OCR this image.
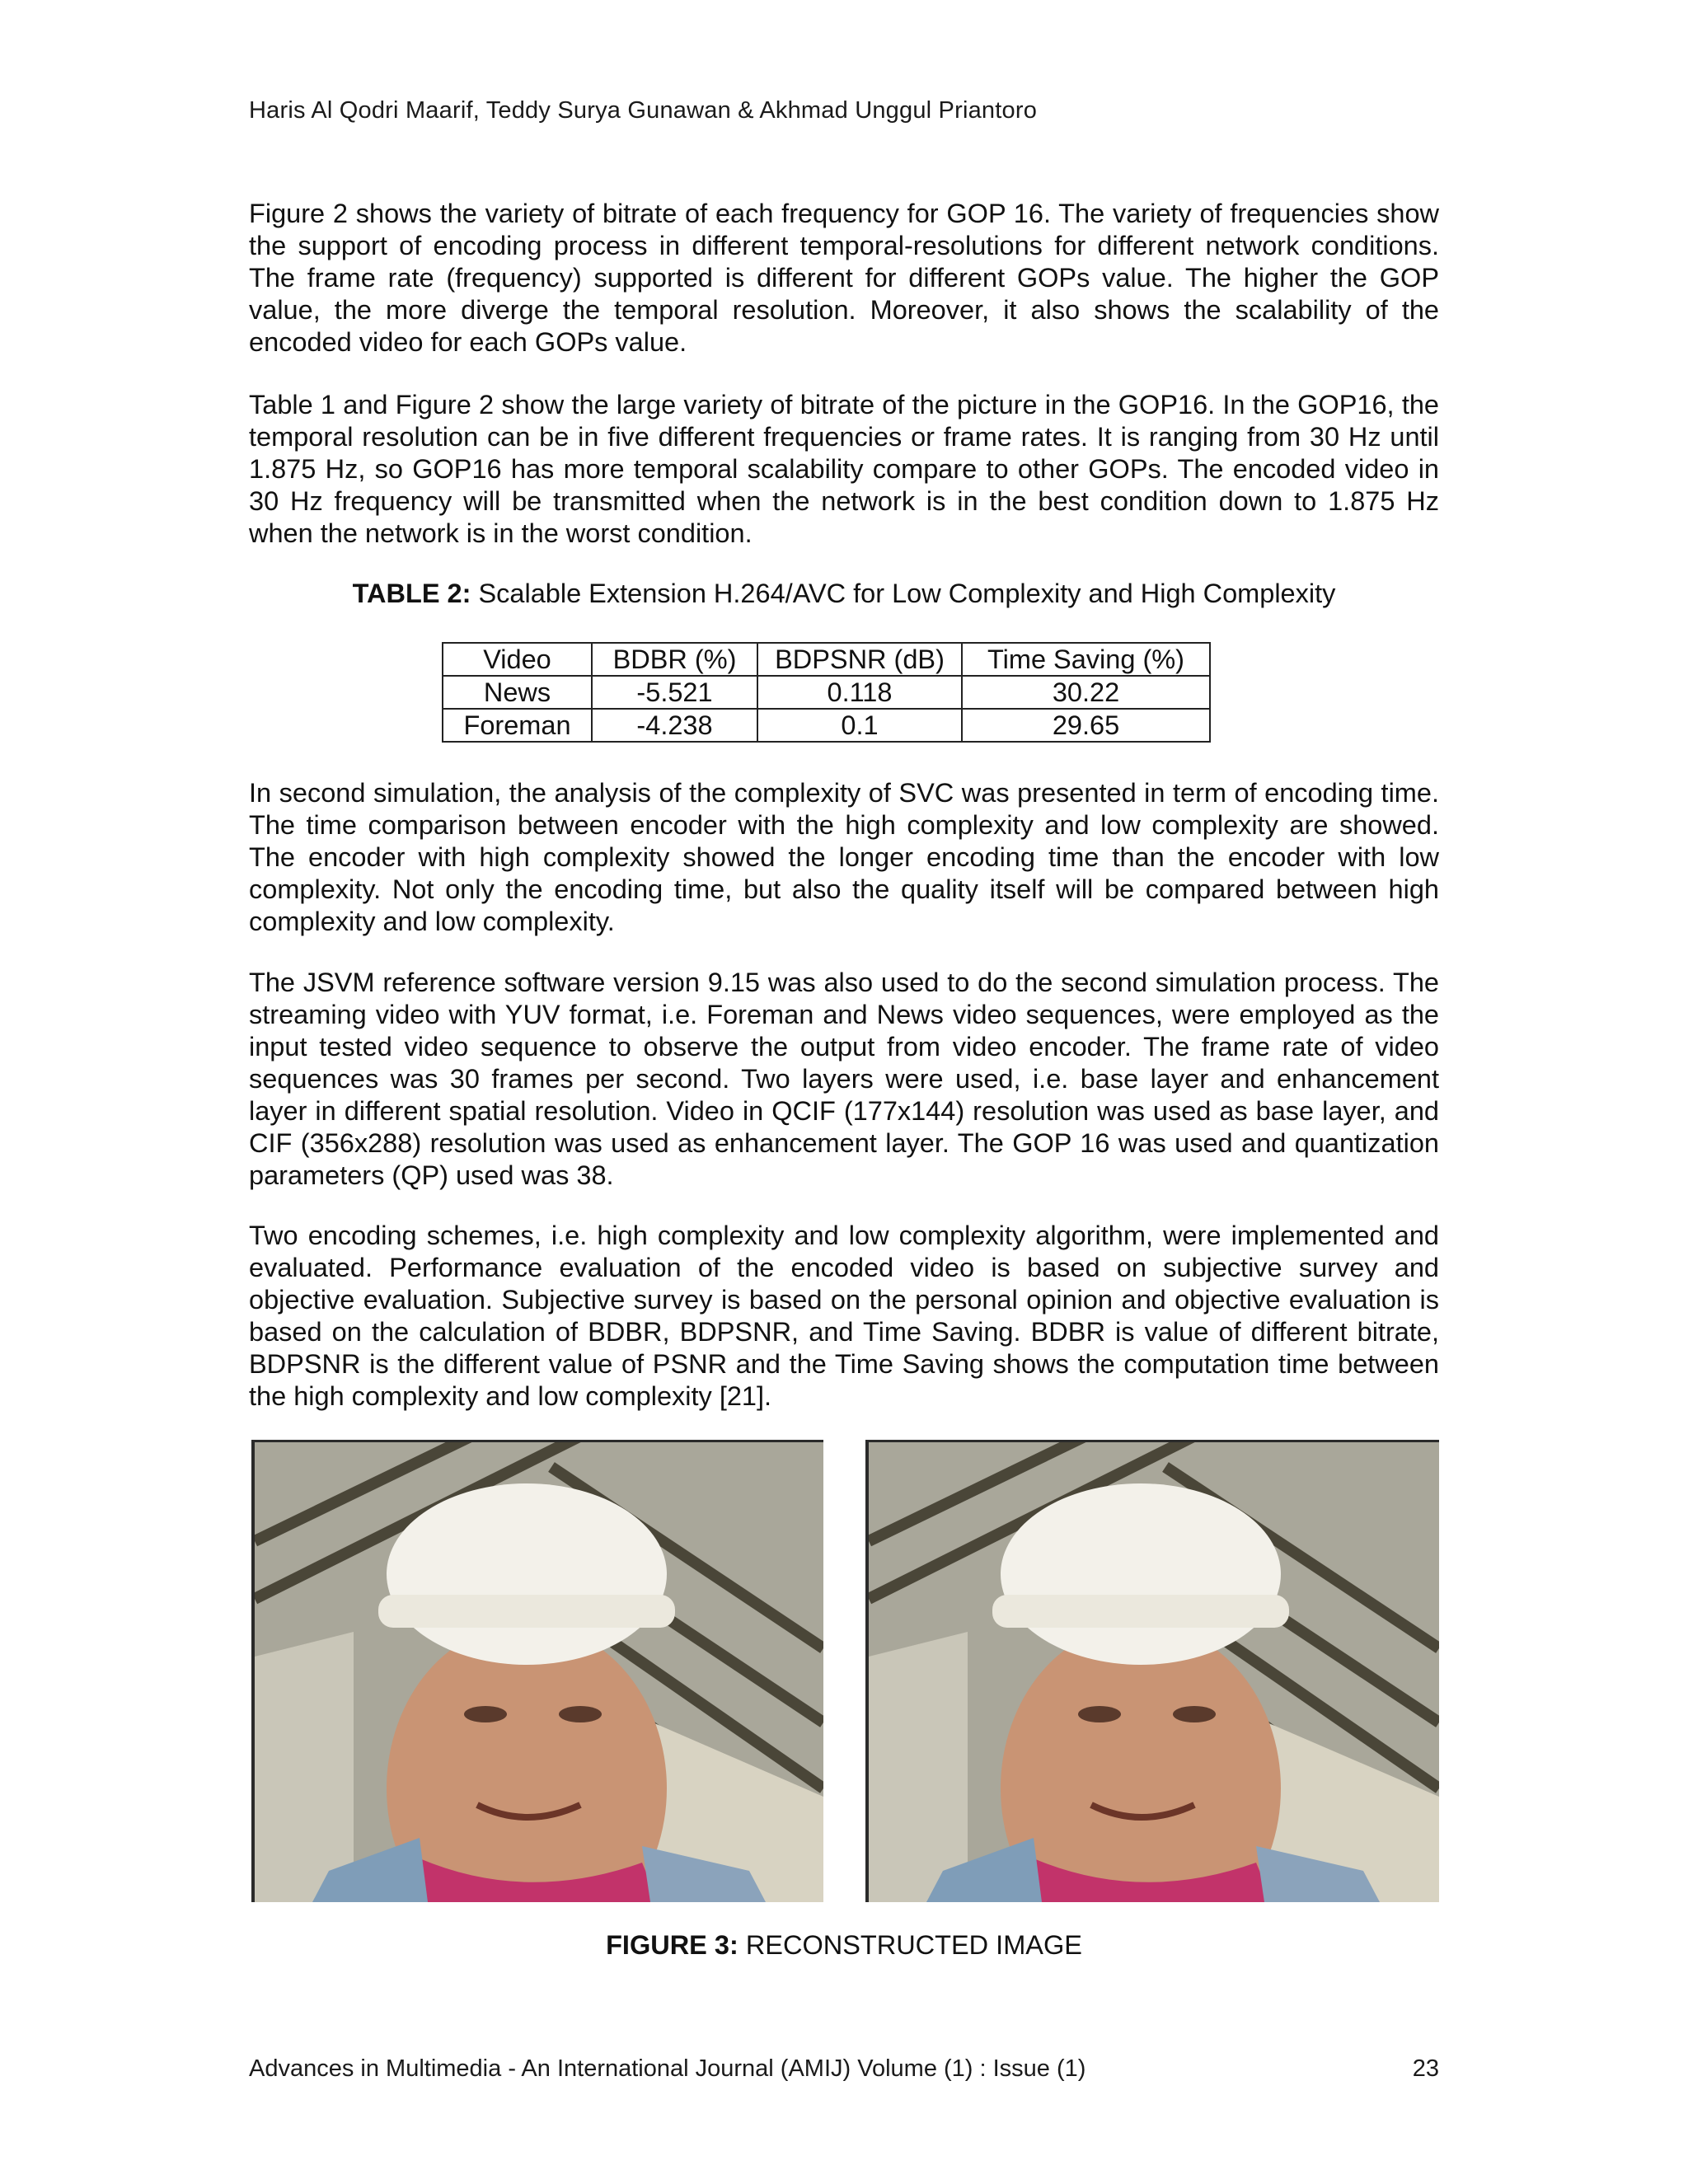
Haris Al Qodri Maarif, Teddy Surya Gunawan & Akhmad Unggul Priantoro

Figure 2 shows the variety of bitrate of each frequency for GOP 16. The variety of frequencies show the support of encoding process in different temporal-resolutions for different network conditions. The frame rate (frequency) supported is different for different GOPs value. The higher the GOP value, the more diverge the temporal resolution. Moreover, it also shows the scalability of the encoded video for each GOPs value.

Table 1 and Figure 2 show the large variety of bitrate of the picture in the GOP16. In the GOP16, the temporal resolution can be in five different frequencies or frame rates. It is ranging from 30 Hz until 1.875 Hz, so GOP16 has more temporal scalability compare to other GOPs. The encoded video in 30 Hz frequency will be transmitted when the network is in the best condition down to 1.875 Hz when the network is in the worst condition.

TABLE 2: Scalable Extension H.264/AVC for Low Complexity and High Complexity
Video	BDBR (%)	BDPSNR (dB)	Time Saving (%)
News	-5.521	0.118	30.22
Foreman	-4.238	0.1	29.65

In second simulation, the analysis of the complexity of SVC was presented in term of encoding time. The time comparison between encoder with the high complexity and low complexity are showed. The encoder with high complexity showed the longer encoding time than the encoder with low complexity. Not only the encoding time, but also the quality itself will be compared between high complexity and low complexity.

The JSVM reference software version 9.15 was also used to do the second simulation process. The streaming video with YUV format, i.e. Foreman and News video sequences, were employed as the input tested video sequence to observe the output from video encoder. The frame rate of video sequences was 30 frames per second. Two layers were used, i.e. base layer and enhancement layer in different spatial resolution. Video in QCIF (177x144) resolution was used as base layer, and CIF (356x288) resolution was used as enhancement layer. The GOP 16 was used and quantization parameters (QP) used was 38.

Two encoding schemes, i.e. high complexity and low complexity algorithm, were implemented and evaluated. Performance evaluation of the encoded video is based on subjective survey and objective evaluation. Subjective survey is based on the personal opinion and objective evaluation is based on the calculation of BDBR, BDPSNR, and Time Saving. BDBR is value of different bitrate, BDPSNR is the different value of PSNR and the Time Saving shows the computation time between the high complexity and low complexity [21].

FIGURE 3: RECONSTRUCTED IMAGE
Advances in Multimedia - An International Journal (AMIJ) Volume (1) : Issue (1)	23
